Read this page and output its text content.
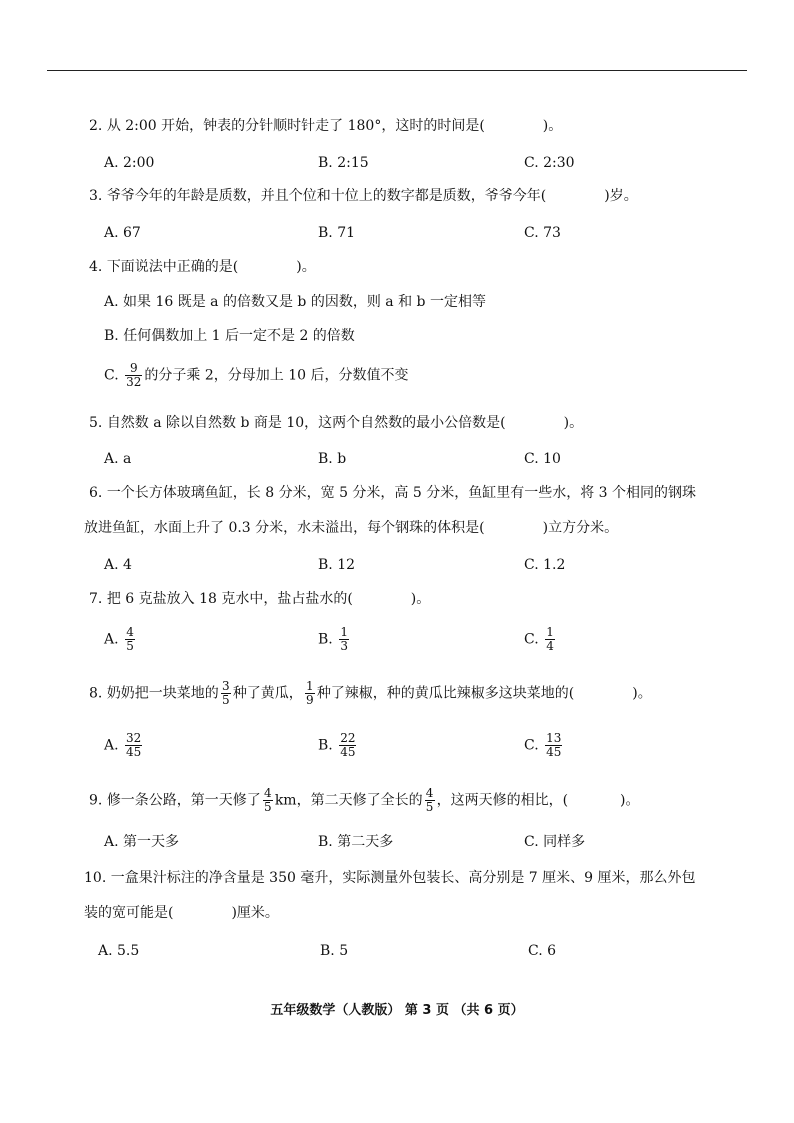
2. 从 2:00 开始，钟表的分针顺时针走了 180°，这时的时间是(	)。
A. 2:00	B. 2:15	C. 2:30
3. 爷爷今年的年龄是质数，并且个位和十位上的数字都是质数，爷爷今年(	)岁。
A. 67	B. 71	C. 73
4. 下面说法中正确的是(	)。
A. 如果 16 既是 a 的倍数又是 b 的因数，则 a 和 b 一定相等
B. 任何偶数加上 1 后一定不是 2 的倍数
C. $\frac{9}{32}$ 的分子乘 2，分母加上 10 后，分数值不变
5. 自然数 a 除以自然数 b 商是 10，这两个自然数的最小公倍数是(	)。
A. a	B. b	C. 10
6. 一个长方体玻璃鱼缸，长 8 分米，宽 5 分米，高 5 分米，鱼缸里有一些水，将 3 个相同的钢珠
放进鱼缸，水面上升了 0.3 分米，水未溢出，每个钢珠的体积是(	)立方分米。
A. 4	B. 12	C. 1.2
7. 把 6 克盐放入 18 克水中，盐占盐水的(	)。
A. $\frac{4}{5}$	B. $\frac{1}{3}$	C. $\frac{1}{4}$
8. 奶奶把一块菜地的 $\frac{3}{5}$ 种了黄瓜， $\frac{1}{9}$ 种了辣椒，种的黄瓜比辣椒多这块菜地的(	)。
A. $\frac{32}{45}$	B. $\frac{22}{45}$	C. $\frac{13}{45}$
9. 修一条公路，第一天修了 $\frac{4}{5}$ km，第二天修了全长的 $\frac{4}{5}$ ，这两天修的相比，(	)。
A. 第一天多	B. 第二天多	C. 同样多
10. 一盒果汁标注的净含量是 350 毫升，实际测量外包装长、高分别是 7 厘米、9 厘米，那么外包
装的宽可能是(	)厘米。
A. 5.5	B. 5	C. 6
五年级数学（人教版） 第 3 页 （共 6 页）
